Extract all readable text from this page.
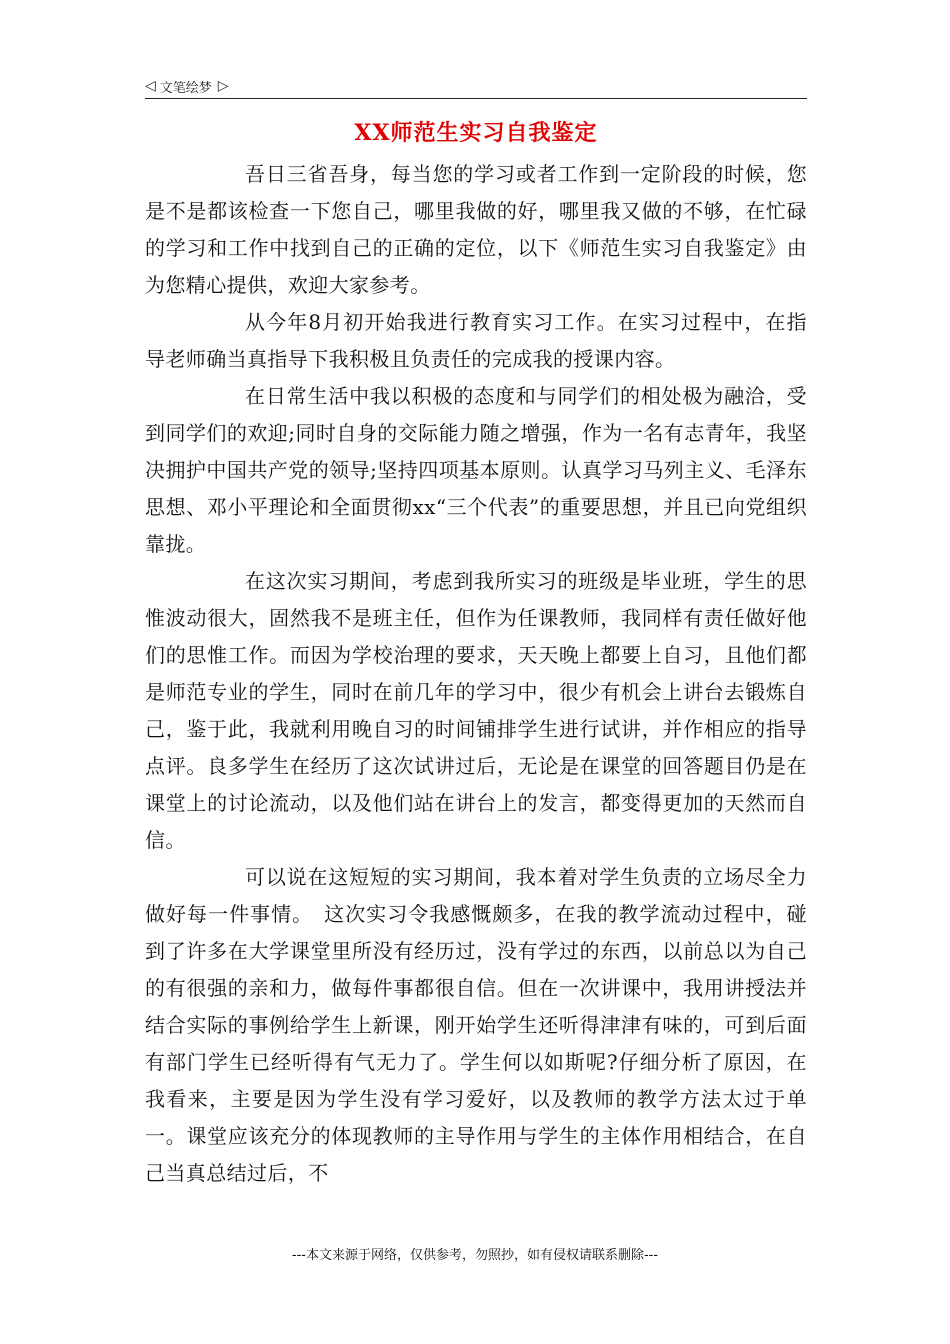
◁ 文笔绘梦 ▷
XX师范生实习自我鉴定

吾日三省吾身，每当您的学习或者工作到一定阶段的时候，您是不是都该检查一下您自己，哪里我做的好，哪里我又做的不够，在忙碌的学习和工作中找到自己的正确的定位，以下《师范生实习自我鉴定》由为您精心提供，欢迎大家参考。

从今年8月初开始我进行教育实习工作。在实习过程中，在指导老师确当真指导下我积极且负责任的完成我的授课内容。

在日常生活中我以积极的态度和与同学们的相处极为融洽，受到同学们的欢迎;同时自身的交际能力随之增强，作为一名有志青年，我坚决拥护中国共产党的领导;坚持四项基本原则。认真学习马列主义、毛泽东思想、邓小平理论和全面贯彻xx“三个代表”的重要思想，并且已向党组织靠拢。

在这次实习期间，考虑到我所实习的班级是毕业班，学生的思惟波动很大，固然我不是班主任，但作为任课教师，我同样有责任做好他们的思惟工作。而因为学校治理的要求，天天晚上都要上自习，且他们都是师范专业的学生，同时在前几年的学习中，很少有机会上讲台去锻炼自己，鉴于此，我就利用晚自习的时间铺排学生进行试讲，并作相应的指导点评。良多学生在经历了这次试讲过后，无论是在课堂的回答题目仍是在课堂上的讨论流动，以及他们站在讲台上的发言，都变得更加的天然而自信。

可以说在这短短的实习期间，我本着对学生负责的立场尽全力做好每一件事情。　这次实习令我感慨颇多，在我的教学流动过程中，碰到了许多在大学课堂里所没有经历过，没有学过的东西，以前总以为自己的有很强的亲和力，做每件事都很自信。但在一次讲课中，我用讲授法并结合实际的事例给学生上新课，刚开始学生还听得津津有味的，可到后面有部门学生已经听得有气无力了。学生何以如斯呢?仔细分析了原因，在我看来，主要是因为学生没有学习爱好，以及教师的教学方法太过于单一。课堂应该充分的体现教师的主导作用与学生的主体作用相结合，在自己当真总结过后，不

---本文来源于网络，仅供参考，勿照抄，如有侵权请联系删除---
